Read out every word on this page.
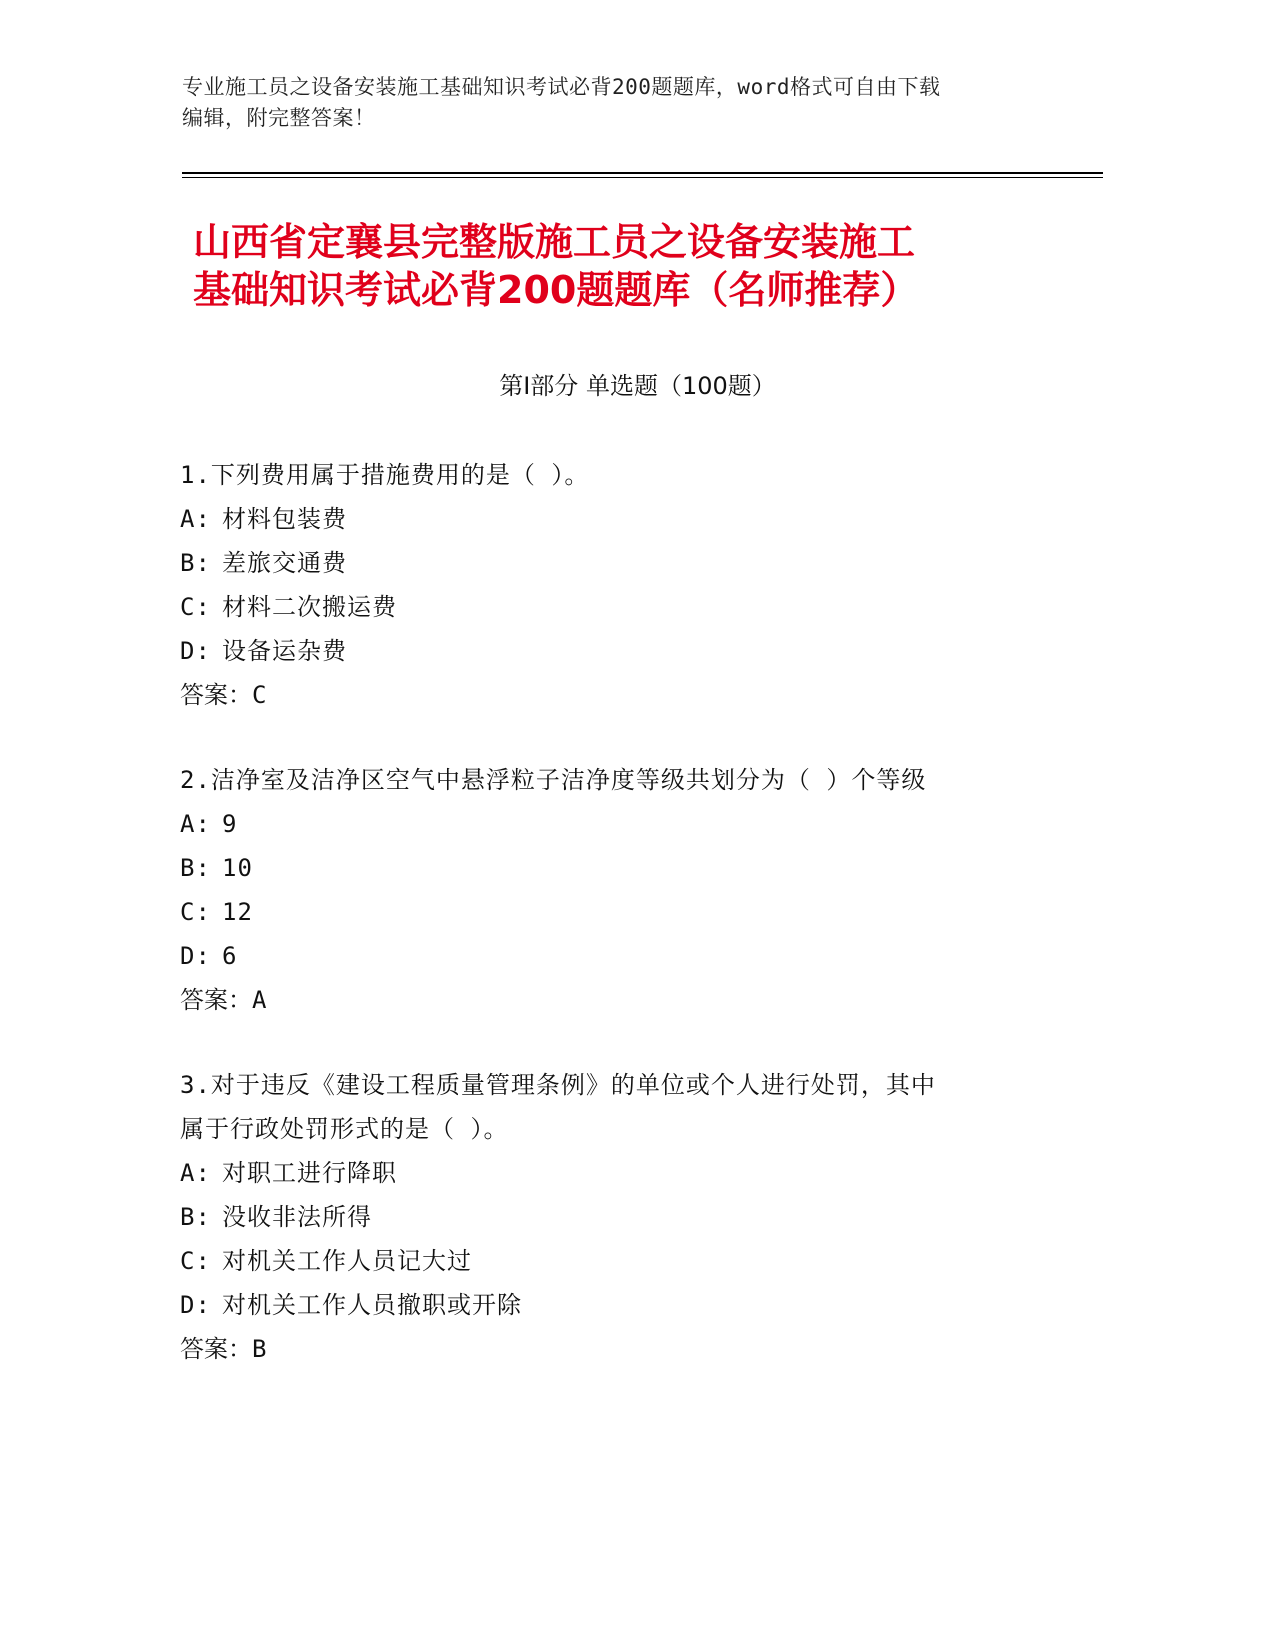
专业施工员之设备安装施工基础知识考试必背200题题库，word格式可自由下载
编辑，附完整答案！
山西省定襄县完整版施工员之设备安装施工
基础知识考试必背200题题库（名师推荐）
第Ⅰ部分 单选题（100题）
1.下列费用属于措施费用的是（ ）。
A: 材料包装费
B: 差旅交通费
C: 材料二次搬运费
D: 设备运杂费
答案：C
2.洁净室及洁净区空气中悬浮粒子洁净度等级共划分为（ ）个等级
A: 9
B: 10
C: 12
D: 6
答案：A
3.对于违反《建设工程质量管理条例》的单位或个人进行处罚，其中
属于行政处罚形式的是（ ）。
A: 对职工进行降职
B: 没收非法所得
C: 对机关工作人员记大过
D: 对机关工作人员撤职或开除
答案：B
